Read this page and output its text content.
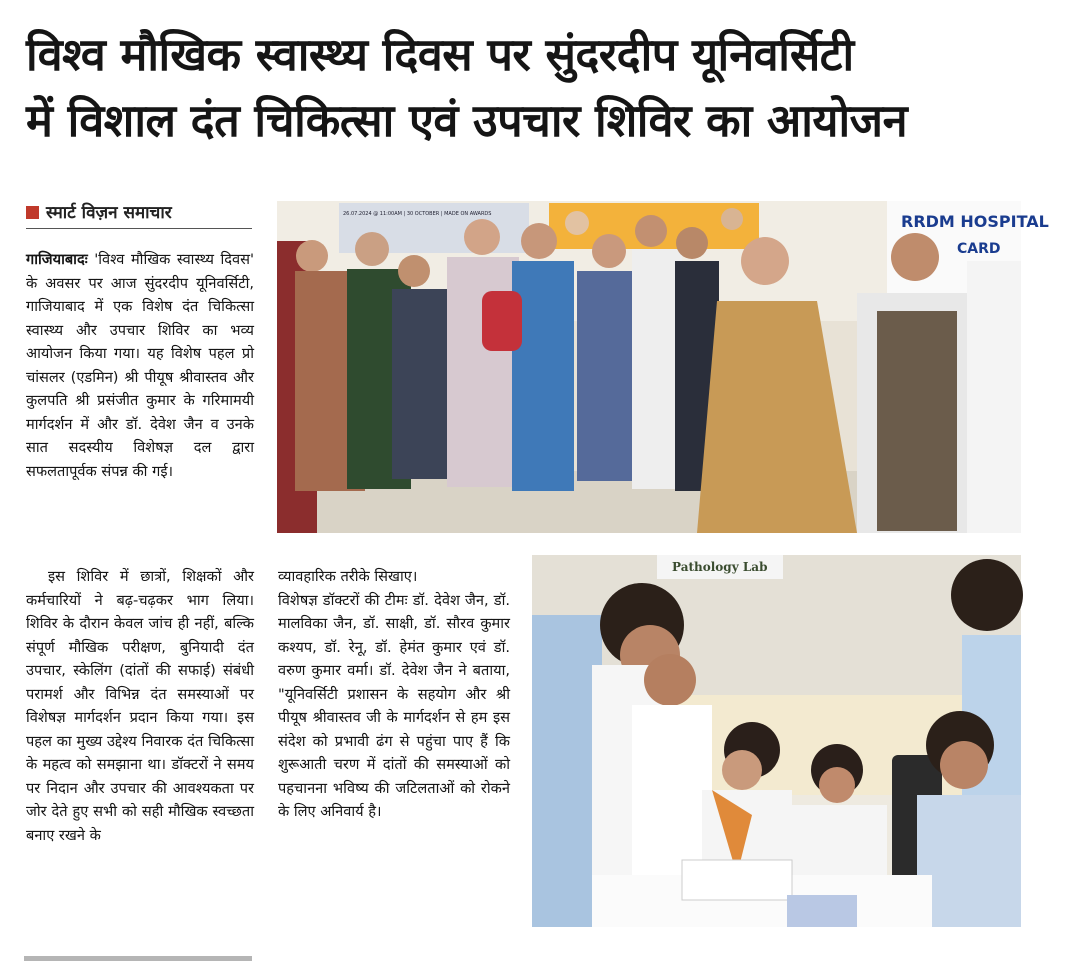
विश्व मौखिक स्वास्थ्य दिवस पर सुंदरदीप यूनिवर्सिटी
में विशाल दंत चिकित्सा एवं उपचार शिविर का आयोजन
स्मार्ट विज़न समाचार

गाजियाबादः 'विश्व मौखिक स्वास्थ्य दिवस' के अवसर पर आज सुंदरदीप यूनिवर्सिटी, गाजियाबाद में एक विशेष दंत चिकित्सा स्वास्थ्य और उपचार शिविर का भव्य आयोजन किया गया। यह विशेष पहल प्रो चांसलर (एडमिन) श्री पीयूष श्रीवास्तव और कुलपति श्री प्रसंजीत कुमार के गरिमामयी मार्गदर्शन में और डॉ. देवेश जैन व उनके सात सदस्यीय विशेषज्ञ दल द्वारा सफलतापूर्वक संपन्न की गई।

इस शिविर में छात्रों, शिक्षकों और कर्मचारियों ने बढ़-चढ़कर भाग लिया। शिविर के दौरान केवल जांच ही नहीं, बल्कि संपूर्ण मौखिक परीक्षण, बुनियादी दंत उपचार, स्केलिंग (दांतों की सफाई) संबंधी परामर्श और विभिन्न दंत समस्याओं पर विशेषज्ञ मार्गदर्शन प्रदान किया गया। इस पहल का मुख्य उद्देश्य निवारक दंत चिकित्सा के महत्व को समझाना था। डॉक्टरों ने समय पर निदान और उपचार की आवश्यकता पर जोर देते हुए सभी को सही मौखिक स्वच्छता बनाए रखने के

व्यावहारिक तरीके सिखाए।

विशेषज्ञ डॉक्टरों की टीमः डॉ. देवेश जैन, डॉ. मालविका जैन, डॉ. साक्षी, डॉ. सौरव कुमार कश्यप, डॉ. रेनू, डॉ. हेमंत कुमार एवं डॉ. वरुण कुमार वर्मा। डॉ. देवेश जैन ने बताया, "यूनिवर्सिटी प्रशासन के सहयोग और श्री पीयूष श्रीवास्तव जी के मार्गदर्शन से हम इस संदेश को प्रभावी ढंग से पहुंचा पाए हैं कि शुरूआती चरण में दांतों की समस्याओं को पहचानना भविष्य की जटिलताओं को रोकने के लिए अनिवार्य है।

26.07.2024 @ 11:00AM | 30 OCTOBER | MADE ON AWARDS	RRDM HOSPITAL
CARD
Pathology Lab
